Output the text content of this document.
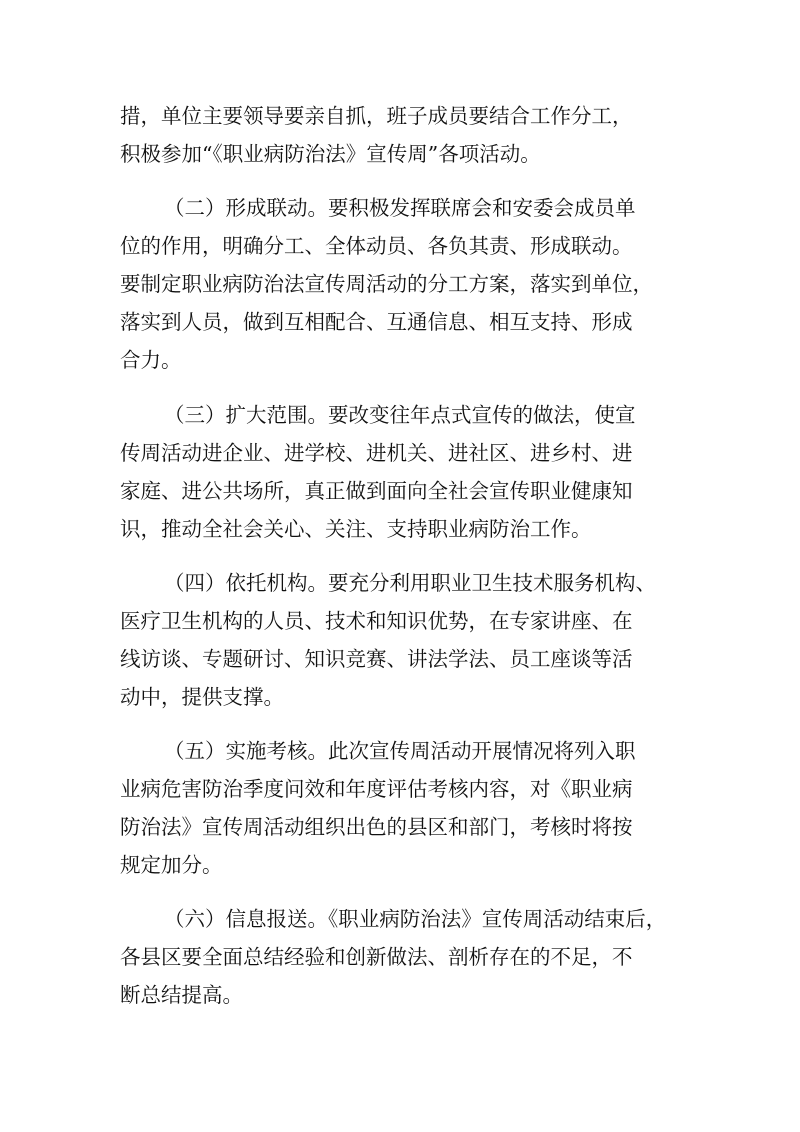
措，单位主要领导要亲自抓，班子成员要结合工作分工，
积极参加“《职业病防治法》宣传周”各项活动。
（二）形成联动。要积极发挥联席会和安委会成员单
位的作用，明确分工、全体动员、各负其责、形成联动。
要制定职业病防治法宣传周活动的分工方案，落实到单位，
落实到人员，做到互相配合、互通信息、相互支持、形成
合力。
（三）扩大范围。要改变往年点式宣传的做法，使宣
传周活动进企业、进学校、进机关、进社区、进乡村、进
家庭、进公共场所，真正做到面向全社会宣传职业健康知
识，推动全社会关心、关注、支持职业病防治工作。
（四）依托机构。要充分利用职业卫生技术服务机构、
医疗卫生机构的人员、技术和知识优势，在专家讲座、在
线访谈、专题研讨、知识竞赛、讲法学法、员工座谈等活
动中，提供支撑。
（五）实施考核。此次宣传周活动开展情况将列入职
业病危害防治季度问效和年度评估考核内容，对《职业病
防治法》宣传周活动组织出色的县区和部门，考核时将按
规定加分。
（六）信息报送。《职业病防治法》宣传周活动结束后，
各县区要全面总结经验和创新做法、剖析存在的不足，不
断总结提高。
